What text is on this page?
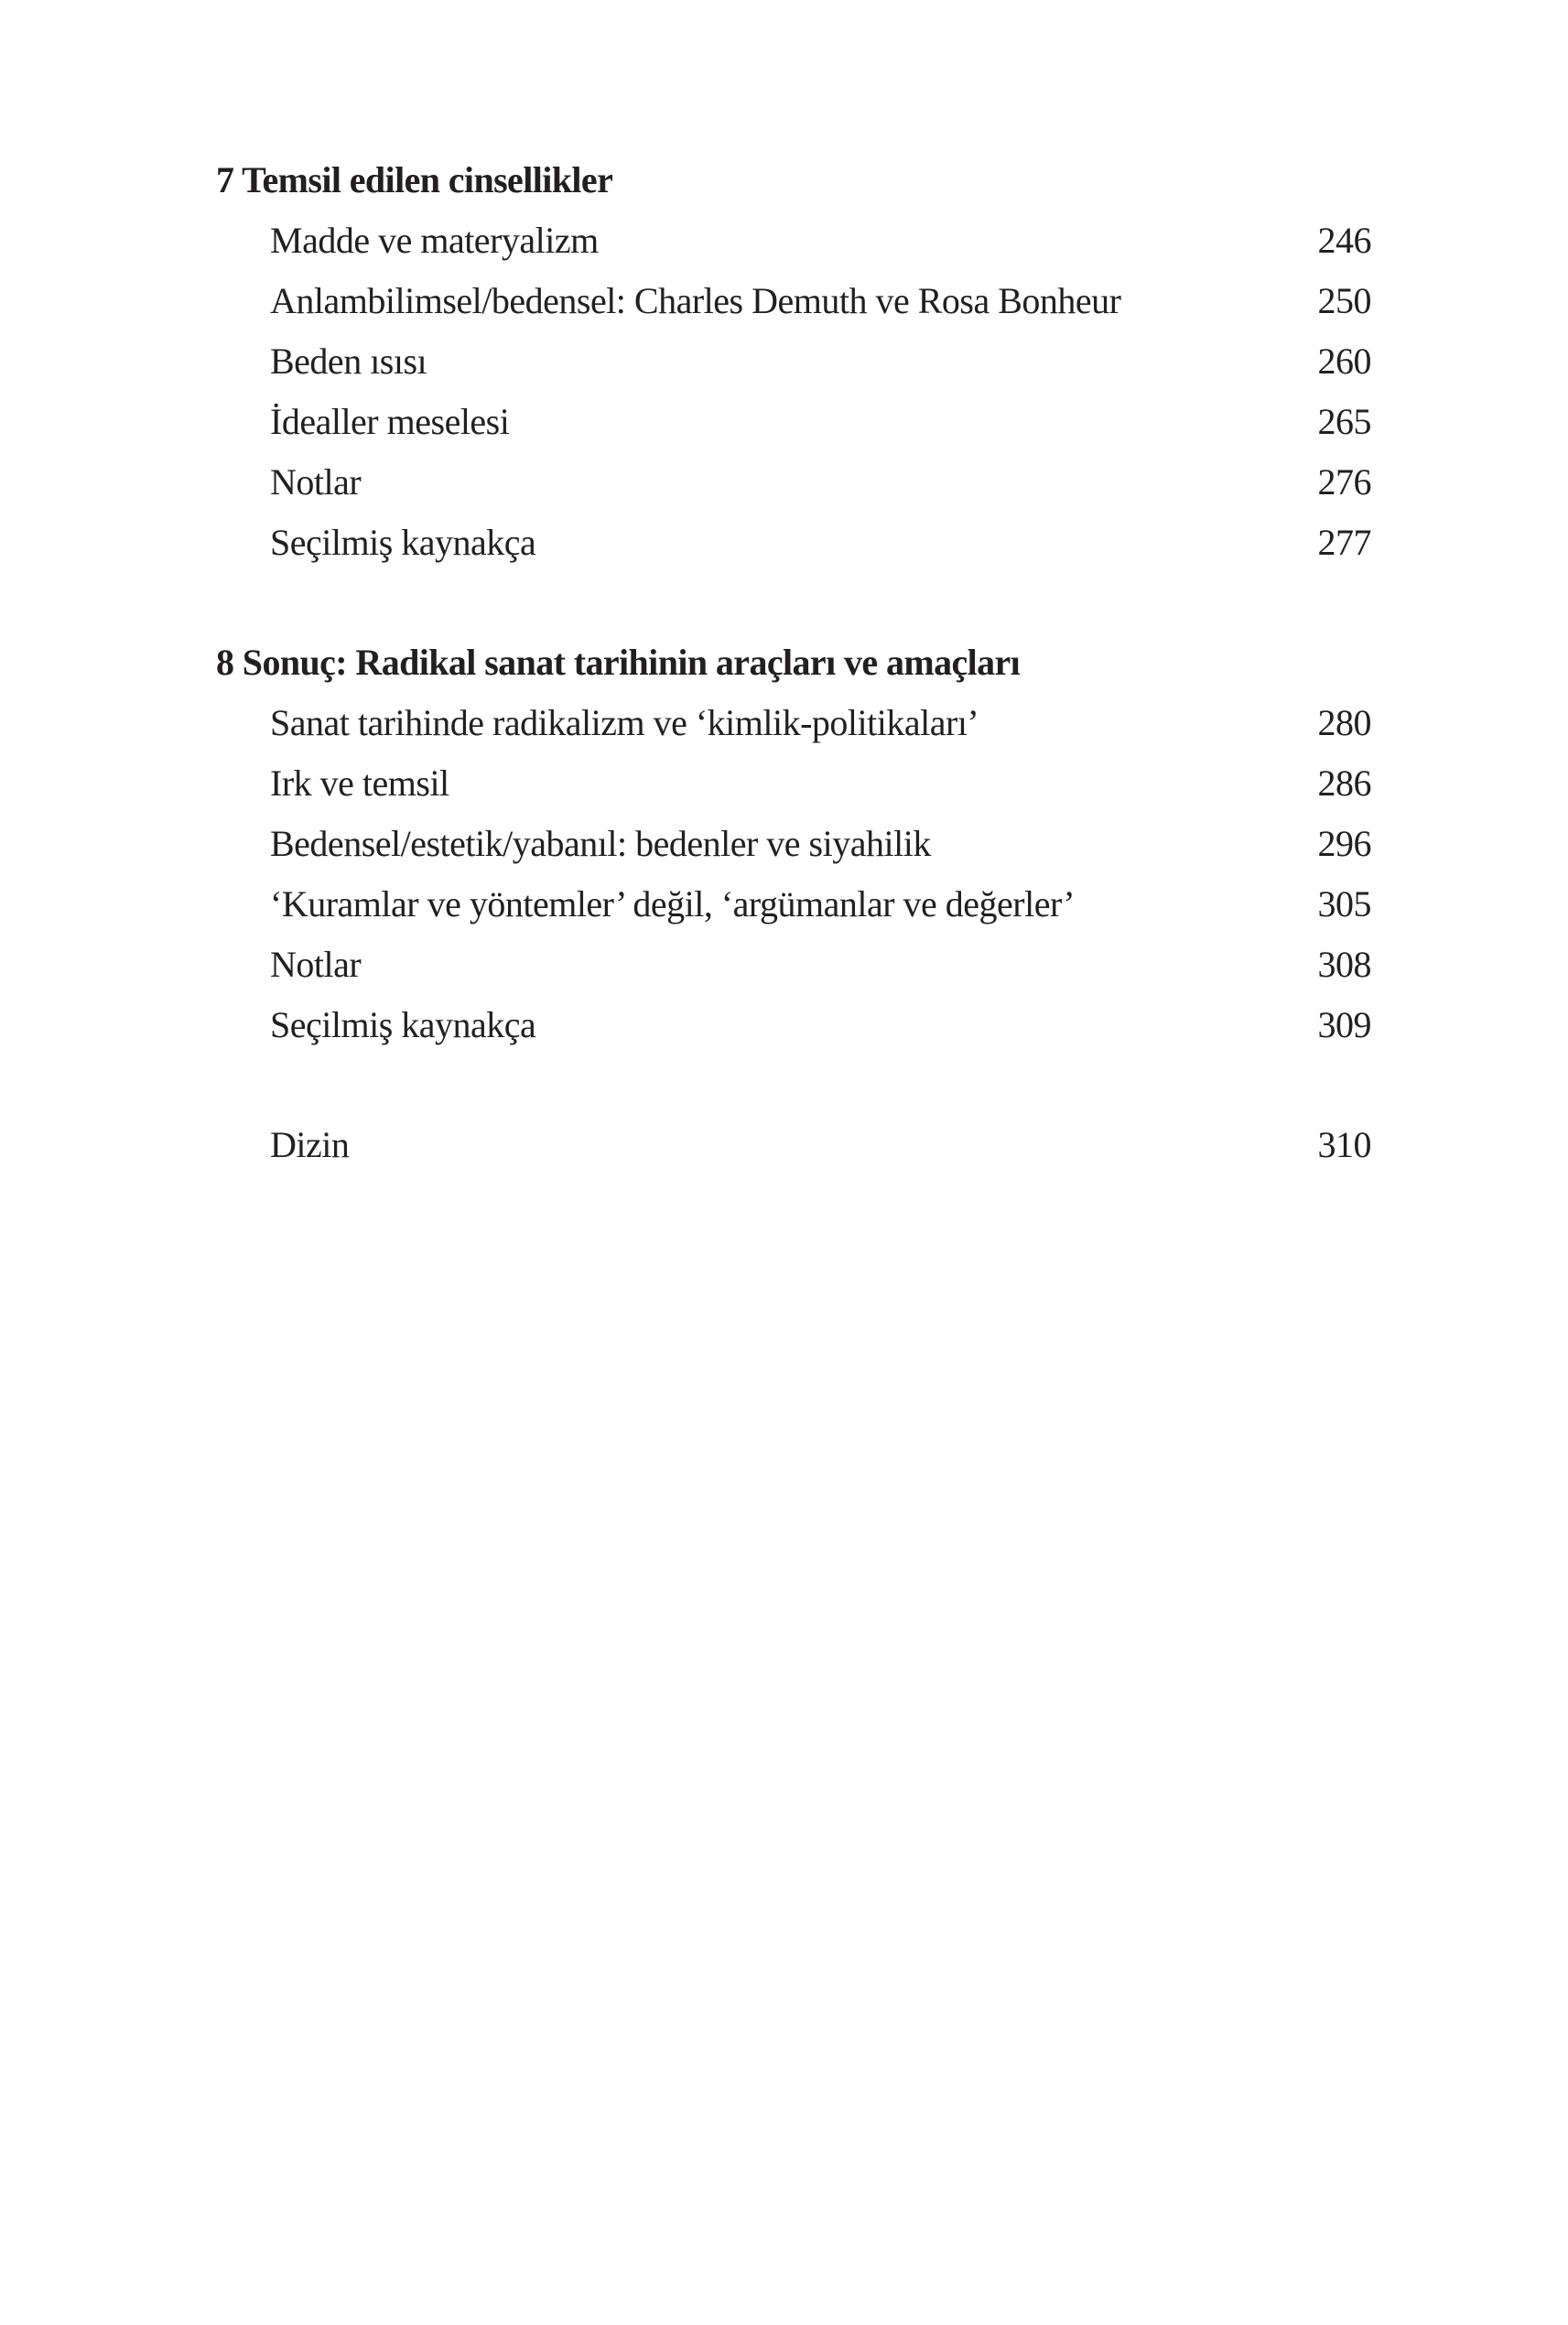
7 Temsil edilen cinsellikler
Madde ve materyalizm	246
Anlambilimsel/bedensel: Charles Demuth ve Rosa Bonheur	250
Beden ısısı	260
İdealler meselesi	265
Notlar	276
Seçilmiş kaynakça	277
8 Sonuç: Radikal sanat tarihinin araçları ve amaçları
Sanat tarihinde radikalizm ve ‘kimlik-politikaları’	280
Irk ve temsil	286
Bedensel/estetik/yabanıl: bedenler ve siyahilik	296
‘Kuramlar ve yöntemler’ değil, ‘argümanlar ve değerler’	305
Notlar	308
Seçilmiş kaynakça	309
Dizin	310
